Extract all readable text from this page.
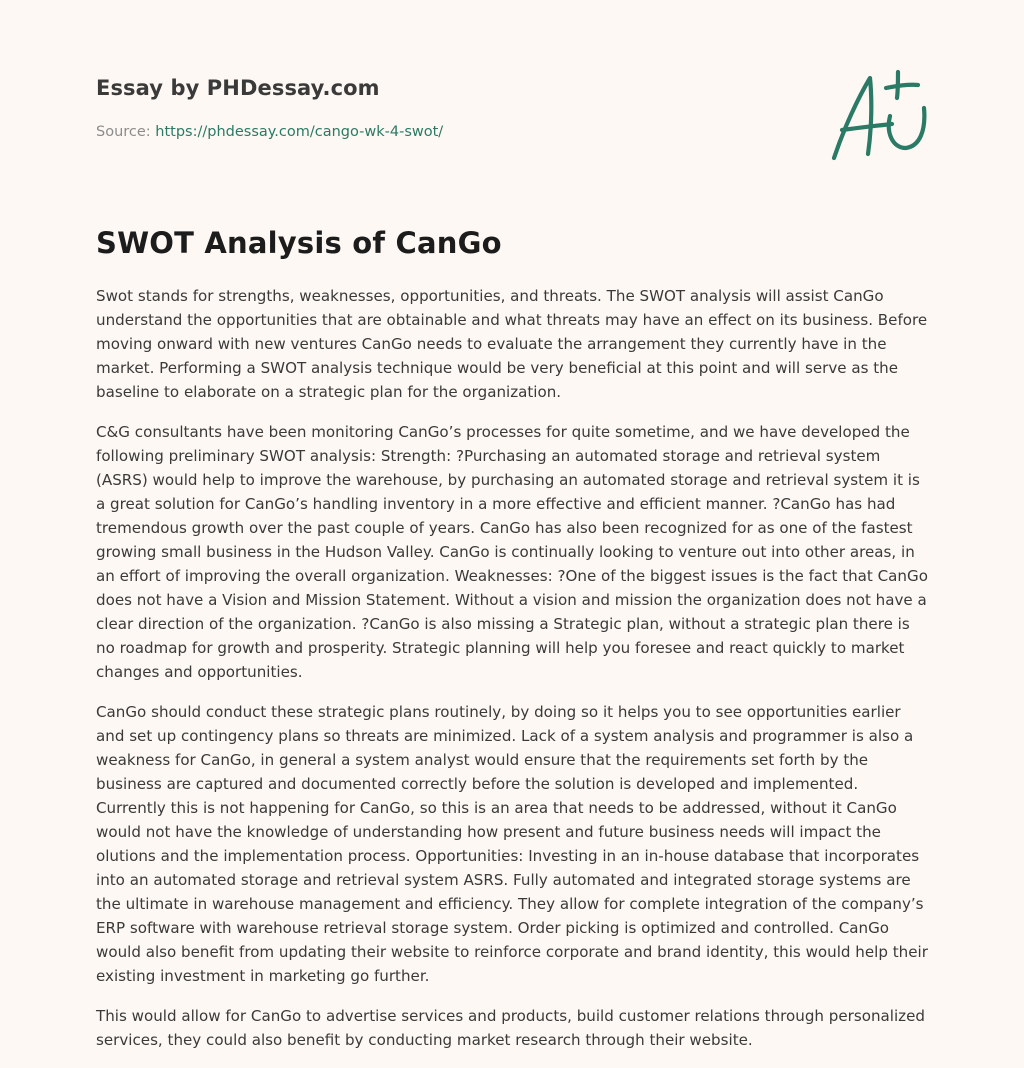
Essay by PHDessay.com
Source: https://phdessay.com/cango-wk-4-swot/
SWOT Analysis of CanGo

Swot stands for strengths, weaknesses, opportunities, and threats. The SWOT analysis will assist CanGo understand the opportunities that are obtainable and what threats may have an effect on its business. Before moving onward with new ventures CanGo needs to evaluate the arrangement they currently have in the market. Performing a SWOT analysis technique would be very beneficial at this point and will serve as the baseline to elaborate on a strategic plan for the organization.

C&G consultants have been monitoring CanGo’s processes for quite sometime, and we have developed the following preliminary SWOT analysis: Strength: ?Purchasing an automated storage and retrieval system (ASRS) would help to improve the warehouse, by purchasing an automated storage and retrieval system it is a great solution for CanGo’s handling inventory in a more effective and efficient manner. ?CanGo has had tremendous growth over the past couple of years. CanGo has also been recognized for as one of the fastest growing small business in the Hudson Valley. CanGo is continually looking to venture out into other areas, in an effort of improving the overall organization. Weaknesses: ?One of the biggest issues is the fact that CanGo does not have a Vision and Mission Statement. Without a vision and mission the organization does not have a clear direction of the organization. ?CanGo is also missing a Strategic plan, without a strategic plan there is no roadmap for growth and prosperity. Strategic planning will help you foresee and react quickly to market changes and opportunities.

CanGo should conduct these strategic plans routinely, by doing so it helps you to see opportunities earlier and set up contingency plans so threats are minimized. Lack of a system analysis and programmer is also a weakness for CanGo, in general a system analyst would ensure that the requirements set forth by the business are captured and documented correctly before the solution is developed and implemented. Currently this is not happening for CanGo, so this is an area that needs to be addressed, without it CanGo would not have the knowledge of understanding how present and future business needs will impact the olutions and the implementation process. Opportunities: Investing in an in-house database that incorporates into an automated storage and retrieval system ASRS. Fully automated and integrated storage systems are the ultimate in warehouse management and efficiency. They allow for complete integration of the company’s ERP software with warehouse retrieval storage system. Order picking is optimized and controlled. CanGo would also benefit from updating their website to reinforce corporate and brand identity, this would help their existing investment in marketing go further.

This would allow for CanGo to advertise services and products, build customer relations through personalized services, they could also benefit by conducting market research through their website.
